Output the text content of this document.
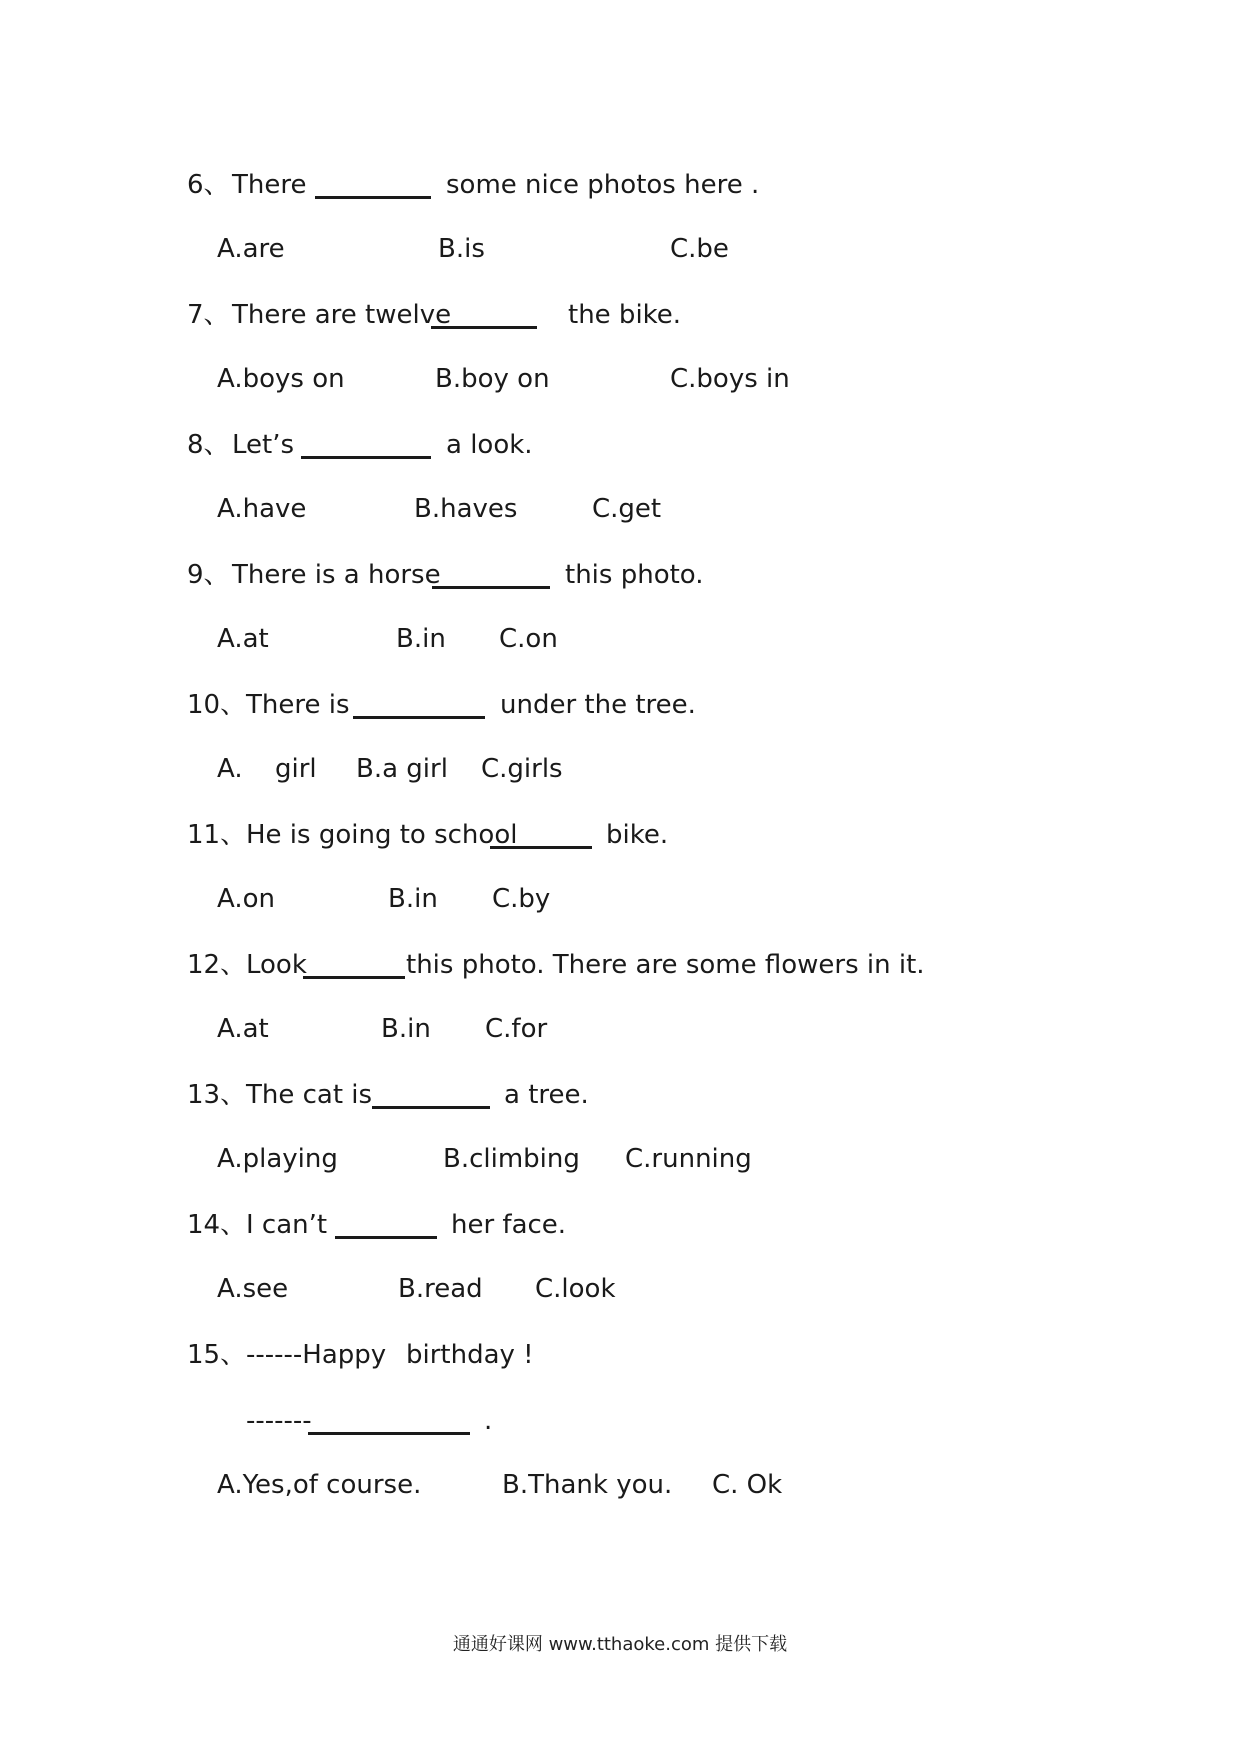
6、 There	some nice photos here .
A.are	B.is	C.be
7、 There are twelve	the bike.
A.boys on	B.boy on	C.boys in
8、 Let’s	a look.
A.have	B.haves	C.get
9、 There is a horse	this photo.
A.at	B.in C.on
10、 There is	under the tree.
A. girl B.a girl C.girls
11、 He is going to school	bike.
A.on	B.in C.by
12、 Look	this photo. There are some flowers in it.
A.at	B.in C.for
13、 The cat is	a tree.
A.playing	B.climbing C.running
14、 I can’t	her face.
A.see	B.read C.look
15、 ------Happy birthday !
-------	.
A.Yes,of course.	B.Thank you. C. Ok
通通好课网 www.tthaoke.com 提供下载
